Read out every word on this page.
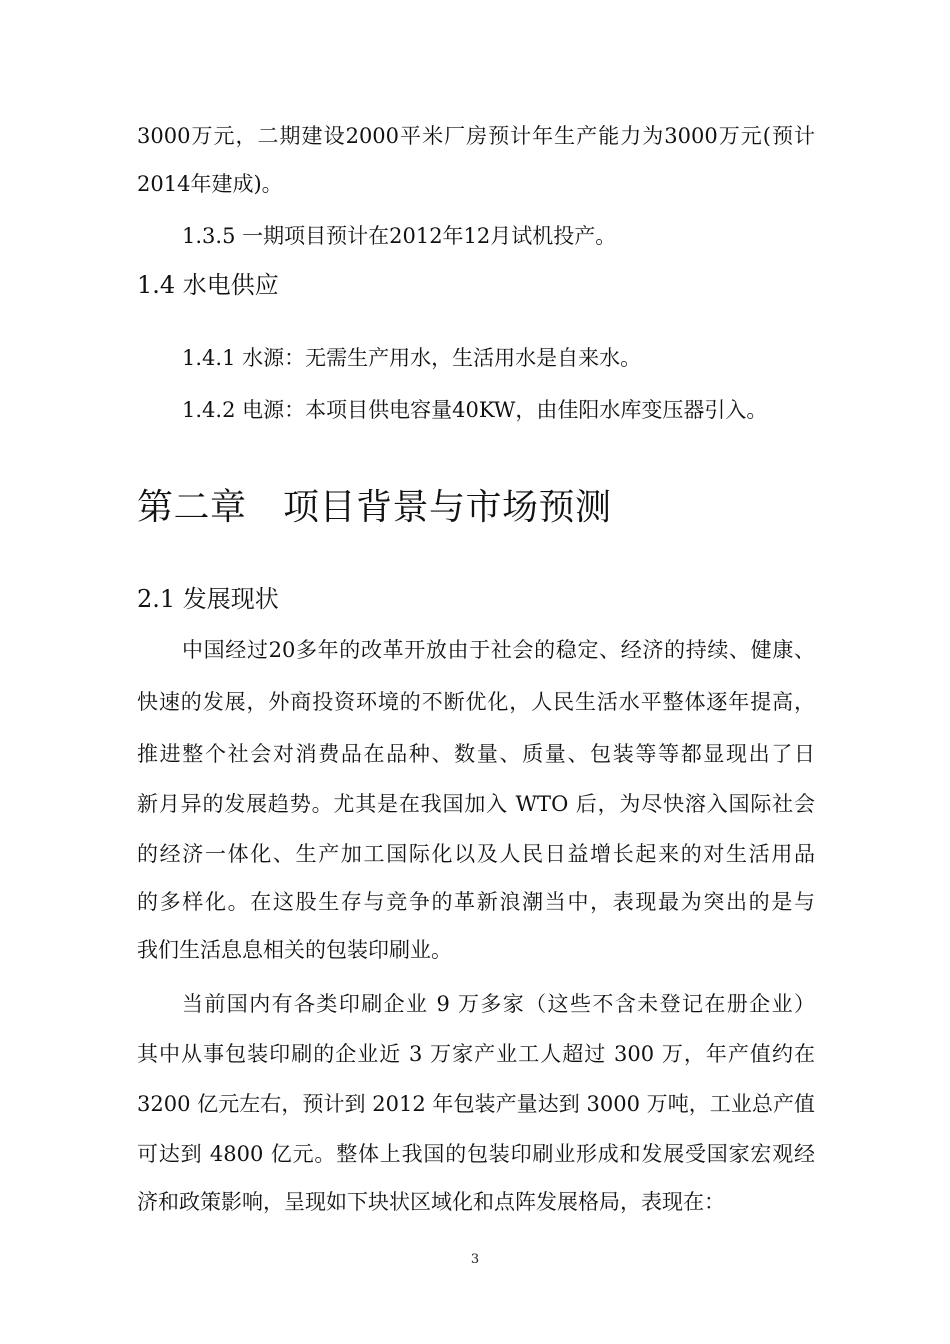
3000万元，二期建设2000平米厂房预计年生产能力为3000万元(预计
2014年建成)。
1.3.5 一期项目预计在2012年12月试机投产。
1.4 水电供应
1.4.1 水源：无需生产用水，生活用水是自来水。
1.4.2 电源：本项目供电容量40KW，由佳阳水库变压器引入。
第二章　项目背景与市场预测
2.1 发展现状
中国经过20多年的改革开放由于社会的稳定、经济的持续、健康、
快速的发展，外商投资环境的不断优化，人民生活水平整体逐年提高，
推进整个社会对消费品在品种、数量、质量、包装等等都显现出了日
新月异的发展趋势。尤其是在我国加入 WTO 后，为尽快溶入国际社会
的经济一体化、生产加工国际化以及人民日益增长起来的对生活用品
的多样化。在这股生存与竞争的革新浪潮当中，表现最为突出的是与
我们生活息息相关的包装印刷业。
当前国内有各类印刷企业 9 万多家（这些不含未登记在册企业）
其中从事包装印刷的企业近 3 万家产业工人超过 300 万，年产值约在
3200 亿元左右，预计到 2012 年包装产量达到 3000 万吨，工业总产值
可达到 4800 亿元。整体上我国的包装印刷业形成和发展受国家宏观经
济和政策影响，呈现如下块状区域化和点阵发展格局，表现在：
3
